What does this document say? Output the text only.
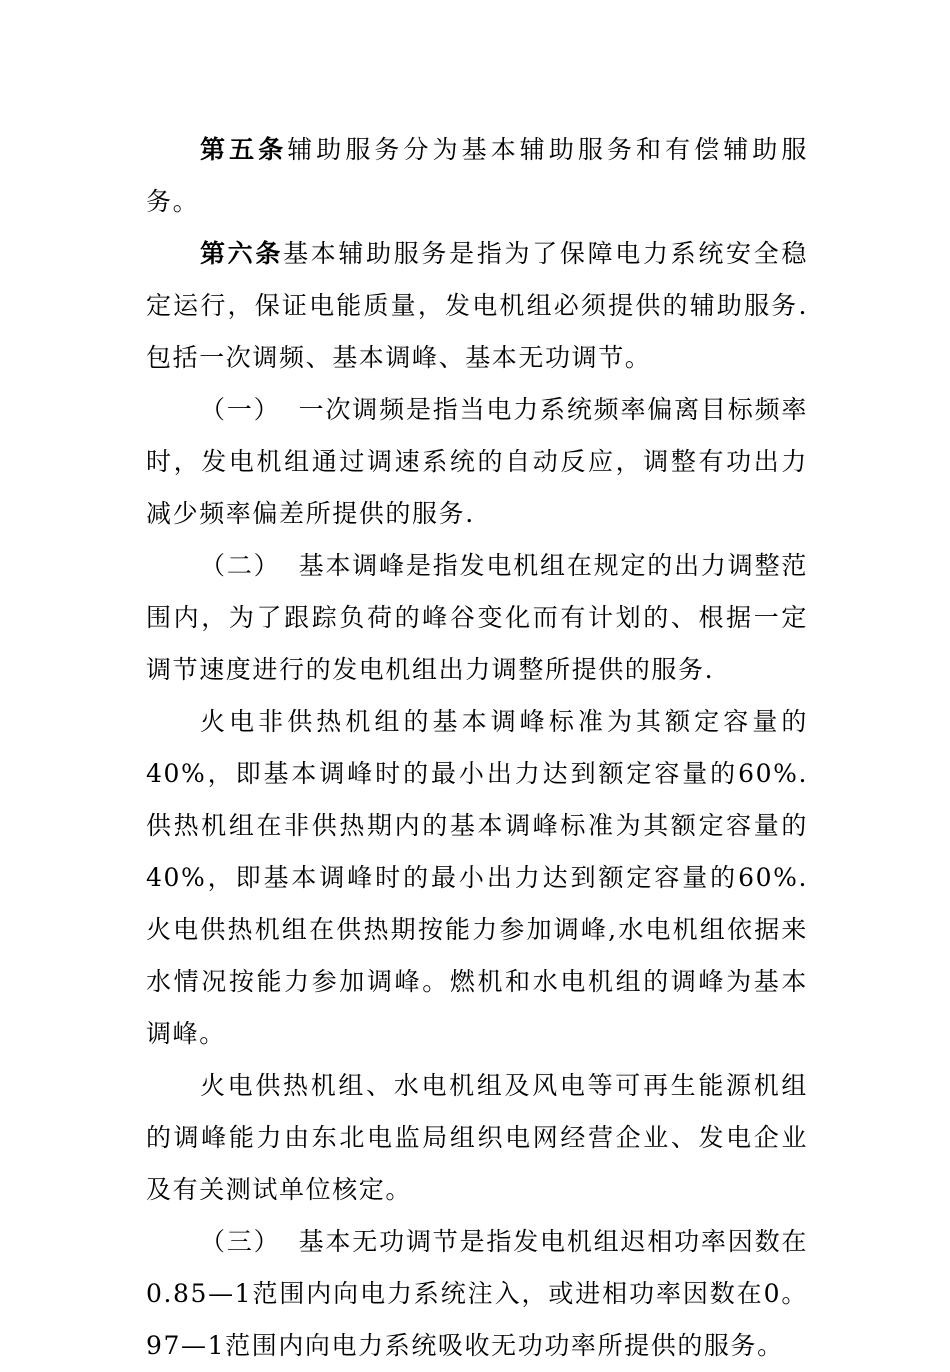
第五条辅助服务分为基本辅助服务和有偿辅助服务。

第六条基本辅助服务是指为了保障电力系统安全稳定运行，保证电能质量，发电机组必须提供的辅助服务.包括一次调频、基本调峰、基本无功调节。

（一） 一次调频是指当电力系统频率偏离目标频率时，发电机组通过调速系统的自动反应，调整有功出力减少频率偏差所提供的服务.

（二） 基本调峰是指发电机组在规定的出力调整范围内，为了跟踪负荷的峰谷变化而有计划的、根据一定调节速度进行的发电机组出力调整所提供的服务.

火电非供热机组的基本调峰标准为其额定容量的40%，即基本调峰时的最小出力达到额定容量的60%.供热机组在非供热期内的基本调峰标准为其额定容量的40%，即基本调峰时的最小出力达到额定容量的60%.火电供热机组在供热期按能力参加调峰,水电机组依据来水情况按能力参加调峰。燃机和水电机组的调峰为基本调峰。

火电供热机组、水电机组及风电等可再生能源机组的调峰能力由东北电监局组织电网经营企业、发电企业及有关测试单位核定。

（三） 基本无功调节是指发电机组迟相功率因数在0.85—1范围内向电力系统注入，或进相功率因数在0。97—1范围内向电力系统吸收无功功率所提供的服务。
